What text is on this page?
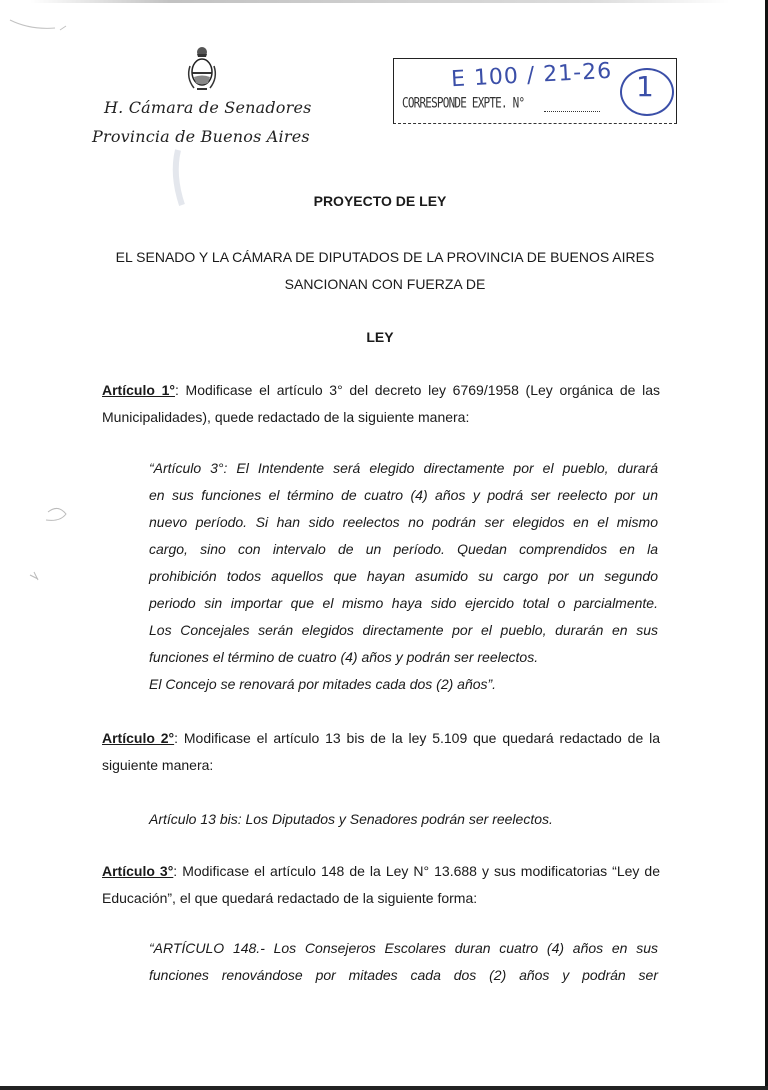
H. Cámara de Senadores
Provincia de Buenos Aires
CORRESPONDE EXPTE. N°
E 100 / 21-26 1
PROYECTO DE LEY
EL SENADO Y LA CÁMARA DE DIPUTADOS DE LA PROVINCIA DE BUENOS AIRES SANCIONAN CON FUERZA DE
LEY
Artículo 1°: Modificase el artículo 3° del decreto ley 6769/1958 (Ley orgánica de las Municipalidades), quede redactado de la siguiente manera:
“Artículo 3°: El Intendente será elegido directamente por el pueblo, durará
en sus funciones el término de cuatro (4) años y podrá ser reelecto por un
nuevo período. Si han sido reelectos no podrán ser elegidos en el mismo
cargo, sino con intervalo de un período. Quedan comprendidos en la
prohibición todos aquellos que hayan asumido su cargo por un segundo
periodo sin importar que el mismo haya sido ejercido total o parcialmente.
Los Concejales serán elegidos directamente por el pueblo, durarán en sus
funciones el término de cuatro (4) años y podrán ser reelectos.
El Concejo se renovará por mitades cada dos (2) años”.
Artículo 2°: Modificase el artículo 13 bis de la ley 5.109 que quedará redactado de la siguiente manera:
Artículo 13 bis: Los Diputados y Senadores podrán ser reelectos.
Artículo 3°: Modificase el artículo 148 de la Ley N° 13.688 y sus modificatorias “Ley de Educación”, el que quedará redactado de la siguiente forma:
“ARTÍCULO 148.- Los Consejeros Escolares duran cuatro (4) años en sus
funciones renovándose por mitades cada dos (2) años y podrán ser
